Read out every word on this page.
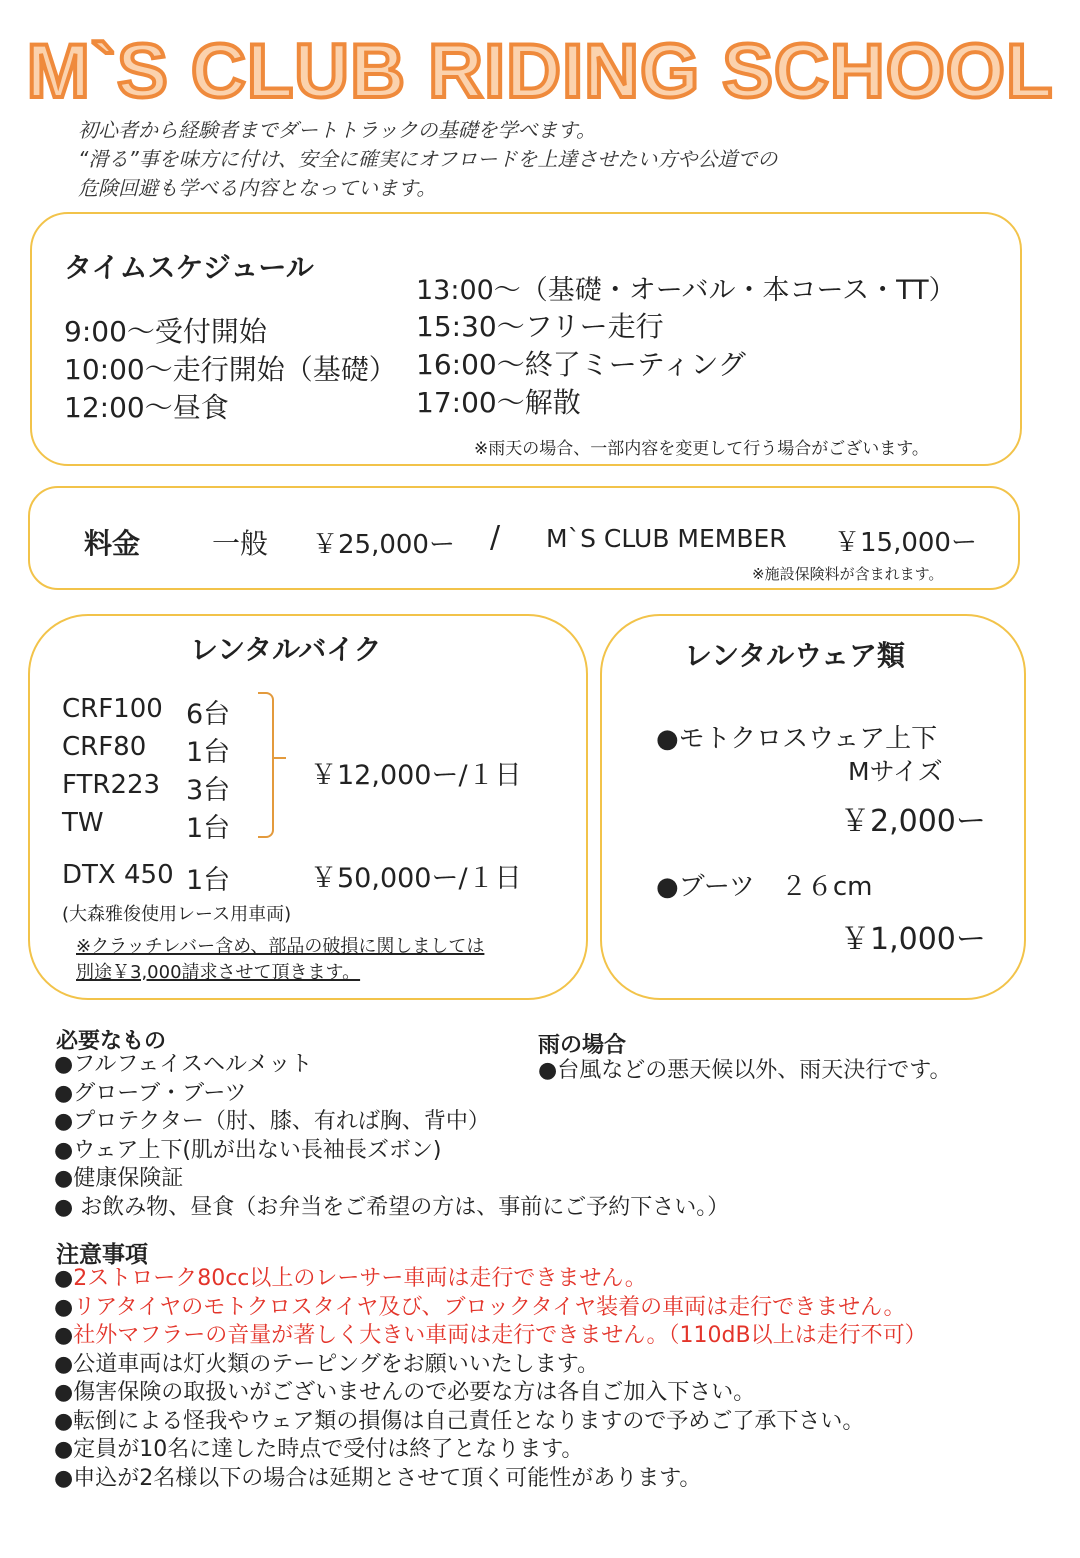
M`S CLUB RIDING SCHOOL
初心者から経験者までダートトラックの基礎を学べます。
“滑る”事を味方に付け、安全に確実にオフロードを上達させたい方や公道での
危険回避も学べる内容となっています。
タイムスケジュール
9:00～受付開始
10:00～走行開始（基礎）
12:00～昼食
13:00～（基礎・オーバル・本コース・TT）
15:30～フリー走行
16:00～終了ミーティング
17:00～解散
※雨天の場合、一部内容を変更して行う場合がございます。
料金	一般 ￥25,000ー / M`S CLUB MEMBER ￥15,000ー
※施設保険料が含まれます。
レンタルバイク
CRF100 6台
CRF80 1台
FTR223 3台
TW	1台
￥12,000ー/１日
DTX 450 1台	￥50,000ー/１日
(大森雅俊使用レース用車両)
※クラッチレバー含め、部品の破損に関しましては
別途￥3,000請求させて頂きます。
レンタルウェア類
●モトクロスウェア上下
Mサイズ
￥2,000ー
●ブーツ　２６cm
￥1,000ー
必要なもの
●フルフェイスヘルメット
●グローブ・ブーツ
●プロテクター（肘、膝、有れば胸、背中）
●ウェア上下(肌が出ない長袖長ズボン)
●健康保険証
● お飲み物、昼食（お弁当をご希望の方は、事前にご予約下さい。）
雨の場合
●台風などの悪天候以外、雨天決行です。
注意事項
●2ストローク80cc以上のレーサー車両は走行できません。
●リアタイヤのモトクロスタイヤ及び、ブロックタイヤ装着の車両は走行できません。
●社外マフラーの音量が著しく大きい車両は走行できません。（110dB以上は走行不可）
●公道車両は灯火類のテーピングをお願いいたします。
●傷害保険の取扱いがございませんので必要な方は各自ご加入下さい。
●転倒による怪我やウェア類の損傷は自己責任となりますので予めご了承下さい。
●定員が10名に達した時点で受付は終了となります。
●申込が2名様以下の場合は延期とさせて頂く可能性があります。
